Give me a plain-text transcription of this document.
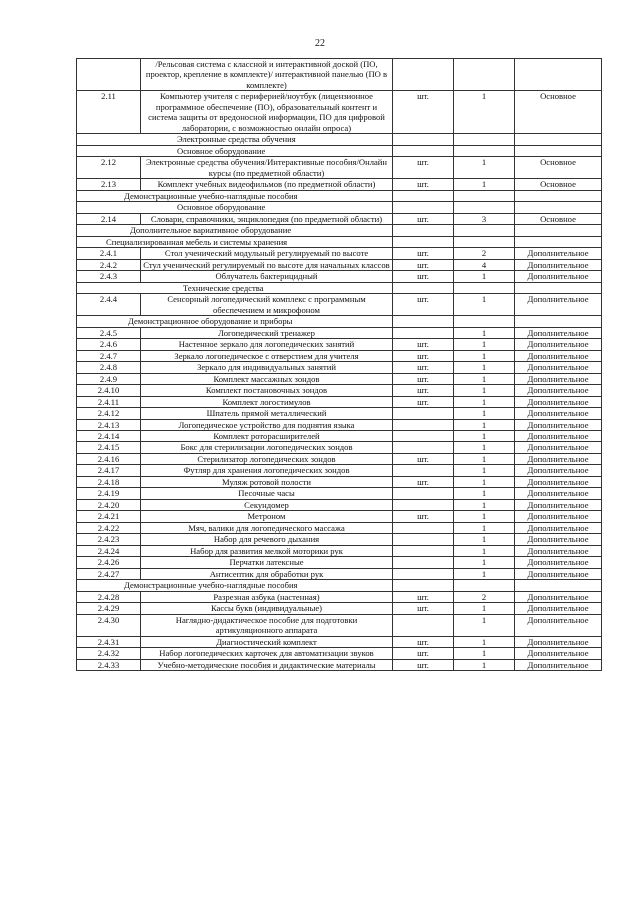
22
	/Рельсовая система с классной и интерактивной доской (ПО, проектор, крепление в комплекте)/ интерактивной панелью (ПО в комплекте)			
2.11	Компьютер учителя с периферией/ноутбук (лицензионное программное обеспечение (ПО), образовательный контент и система защиты от вредоносной информации, ПО для цифровой лаборатории, с возможностью онлайн опроса)	шт.	1	Основное
Электронные средства обучения				
Основное оборудование				
2.12	Электронные средства обучения/Интерактивные пособия/Онлайн курсы (по предметной области)	шт.	1	Основное
2.13	Комплект учебных видеофильмов (по предметной области)	шт.	1	Основное
Демонстрационные учебно-наглядные пособия				
Основное оборудование				
2.14	Словари, справочники, энциклопедия (по предметной области)	шт.	3	Основное
Дополнительное вариативное оборудование				
Специализированная мебель и системы хранения				
2.4.1	Стол ученический модульный регулируемый по высоте	шт.	2	Дополнительное
2.4.2	Стул ученический регулируемый по высоте для начальных классов	шт.	4	Дополнительное
2.4.3	Облучатель бактерицидный	шт.	1	Дополнительное
Технические средства				
2.4.4	Сенсорный логопедический комплекс с программным обеспечением и микрофоном	шт.	1	Дополнительное
Демонстрационное оборудование и приборы				
2.4.5	Логопедический тренажер		1	Дополнительное
2.4.6	Настенное зеркало для логопедических занятий	шт.	1	Дополнительное
2.4.7	Зеркало логопедическое с отверстием для учителя	шт.	1	Дополнительное
2.4.8	Зеркало для индивидуальных занятий	шт.	1	Дополнительное
2.4.9	Комплект массажных зондов	шт.	1	Дополнительное
2.4.10	Комплект постановочных зондов	шт.	1	Дополнительное
2.4.11	Комплект логостимулов	шт.	1	Дополнительное
2.4.12	Шпатель прямой металлический		1	Дополнительное
2.4.13	Логопедическое устройство для поднятия языка		1	Дополнительное
2.4.14	Комплект роторасширителей		1	Дополнительное
2.4.15	Бокс для стерилизации логопедических зондов		1	Дополнительное
2.4.16	Стерилизатор логопедических зондов	шт.	1	Дополнительное
2.4.17	Футляр для хранения логопедических зондов		1	Дополнительное
2.4.18	Муляж ротовой полости	шт.	1	Дополнительное
2.4.19	Песочные часы		1	Дополнительное
2.4.20	Секундомер		1	Дополнительное
2.4.21	Метроном	шт.	1	Дополнительное
2.4.22	Мяч, валики для логопедического массажа		1	Дополнительное
2.4.23	Набор для речевого дыхания		1	Дополнительное
2.4.24	Набор для развития мелкой моторики рук		1	Дополнительное
2.4.26	Перчатки латексные		1	Дополнительное
2.4.27	Антисептик для обработки рук		1	Дополнительное
Демонстрационные учебно-наглядные пособия				
2.4.28	Разрезная азбука (настенная)	шт.	2	Дополнительное
2.4.29	Кассы букв (индивидуальные)	шт.	1	Дополнительное
2.4.30	Наглядно-дидактическое пособие для подготовки артикуляционного аппарата		1	Дополнительное
2.4.31	Диагностический комплект	шт.	1	Дополнительное
2.4.32	Набор логопедических карточек для автоматизации звуков	шт.	1	Дополнительное
2.4.33	Учебно-методические пособия и дидактические материалы	шт.	1	Дополнительное
